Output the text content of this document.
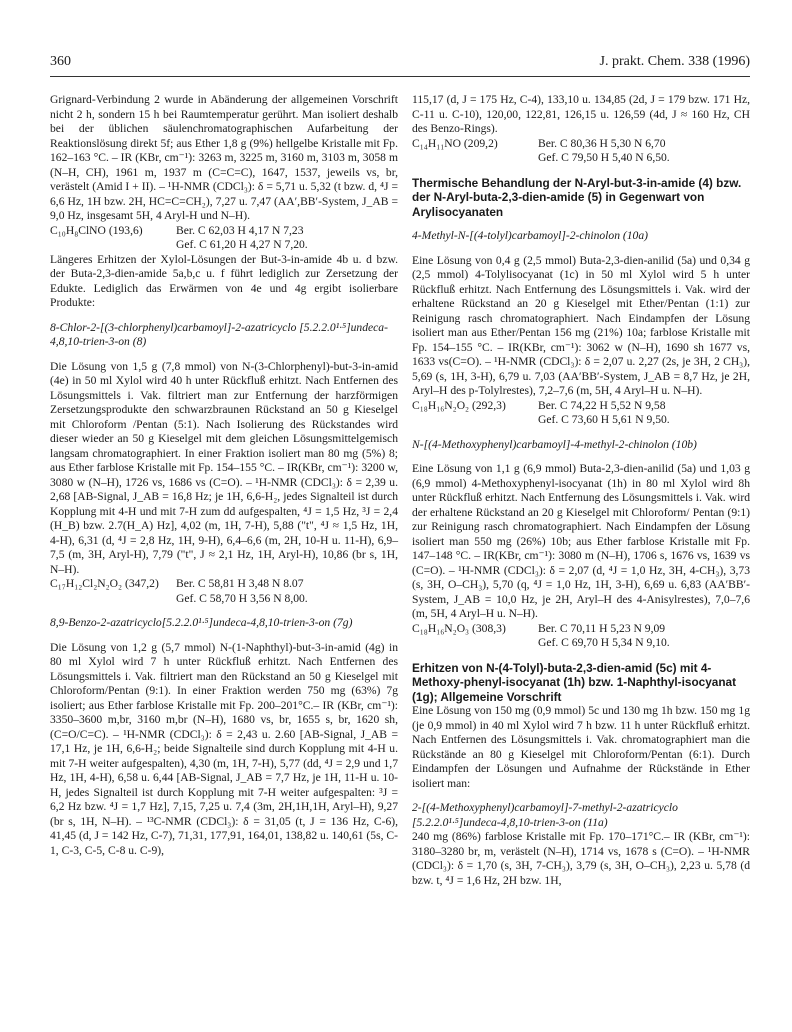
360	J. prakt. Chem. 338 (1996)

Grignard-Verbindung 2 wurde in Abänderung der allgemeinen Vorschrift nicht 2 h, sondern 15 h bei Raumtemperatur gerührt. Man isoliert deshalb bei der üblichen säulenchromatographischen Aufarbeitung der Reaktionslösung direkt 5f; aus Ether 1,8 g (9%) hellgelbe Kristalle mit Fp. 162–163 °C. – IR (KBr, cm⁻¹): 3263 m, 3225 m, 3160 m, 3103 m, 3058 m (N–H, CH), 1961 m, 1937 m (C=C=C), 1647, 1537, jeweils vs, br, verästelt (Amid I + II). – ¹H-NMR (CDCl₃): δ = 5,71 u. 5,32 (t bzw. d, ⁴J = 6,6 Hz, 1H bzw. 2H, HC=C=CH₂), 7,27 u. 7,47 (AA′,BB′-System, J_AB = 9,0 Hz, insgesamt 5H, 4 Aryl-H und N–H).

C₁₀H₈ClNO (193,6)	Ber. C 62,03 H 4,17 N 7,23
Gef. C 61,20 H 4,27 N 7,20.

Längeres Erhitzen der Xylol-Lösungen der But-3-in-amide 4b u. d bzw. der Buta-2,3-dien-amide 5a,b,c u. f führt lediglich zur Zersetzung der Edukte. Lediglich das Erwärmen von 4e und 4g ergibt isolierbare Produkte:

8-Chlor-2-[(3-chlorphenyl)carbamoyl]-2-azatricyclo [5.2.2.0¹·⁵]undeca-4,8,10-trien-3-on (8)

Die Lösung von 1,5 g (7,8 mmol) von N-(3-Chlorphenyl)-but-3-in-amid (4e) in 50 ml Xylol wird 40 h unter Rückfluß erhitzt. Nach Entfernen des Lösungsmittels i. Vak. filtriert man zur Entfernung der harzförmigen Zersetzungsprodukte den schwarzbraunen Rückstand an 50 g Kieselgel mit Chloroform /Pentan (5:1). Nach Isolierung des Rückstandes wird dieser wieder an 50 g Kieselgel mit dem gleichen Lösungsmittelgemisch langsam chromatographiert. In einer Fraktion isoliert man 80 mg (5%) 8; aus Ether farblose Kristalle mit Fp. 154–155 °C. – IR(KBr, cm⁻¹): 3200 w, 3080 w (N–H), 1726 vs, 1686 vs (C=O). – ¹H-NMR (CDCl₃): δ = 2,39 u. 2,68 [AB-Signal, J_AB = 16,8 Hz; je 1H, 6,6-H₂, jedes Signalteil ist durch Kopplung mit 4-H und mit 7-H zum dd aufgespalten, ⁴J = 1,5 Hz, ³J = 2,4 (H_B) bzw. 2.7(H_A) Hz], 4,02 (m, 1H, 7-H), 5,88 ("t", ⁴J ≈ 1,5 Hz, 1H, 4-H), 6,31 (d, ⁴J = 2,8 Hz, 1H, 9-H), 6,4–6,6 (m, 2H, 10-H u. 11-H), 6,9–7,5 (m, 3H, Aryl-H), 7,79 ("t", J ≈ 2,1 Hz, 1H, Aryl-H), 10,86 (br s, 1H, N–H).

C₁₇H₁₂Cl₂N₂O₂ (347,2)	Ber. C 58,81 H 3,48 N 8.07
Gef. C 58,70 H 3,56 N 8,00.

8,9-Benzo-2-azatricyclo[5.2.2.0¹·⁵]undeca-4,8,10-trien-3-on (7g)

Die Lösung von 1,2 g (5,7 mmol) N-(1-Naphthyl)-but-3-in-amid (4g) in 80 ml Xylol wird 7 h unter Rückfluß erhitzt. Nach Entfernen des Lösungsmittels i. Vak. filtriert man den Rückstand an 50 g Kieselgel mit Chloroform/Pentan (9:1). In einer Fraktion werden 750 mg (63%) 7g isoliert; aus Ether farblose Kristalle mit Fp. 200–201°C.– IR (KBr, cm⁻¹): 3350–3600 m,br, 3160 m,br (N–H), 1680 vs, br, 1655 s, br, 1620 sh, (C=O/C=C). – ¹H-NMR (CDCl₃): δ = 2,43 u. 2.60 [AB-Signal, J_AB = 17,1 Hz, je 1H, 6,6-H₂; beide Signalteile sind durch Kopplung mit 4-H u. mit 7-H weiter aufgespalten), 4,30 (m, 1H, 7-H), 5,77 (dd, ⁴J = 2,9 und 1,7 Hz, 1H, 4-H), 6,58 u. 6,44 [AB-Signal, J_AB = 7,7 Hz, je 1H, 11-H u. 10-H, jedes Signalteil ist durch Kopplung mit 7-H weiter aufgespalten: ³J = 6,2 Hz bzw. ⁴J = 1,7 Hz], 7,15, 7,25 u. 7,4 (3m, 2H,1H,1H, Aryl–H), 9,27 (br s, 1H, N–H). – ¹³C-NMR (CDCl₃): δ = 31,05 (t, J = 136 Hz, C-6), 41,45 (d, J = 142 Hz, C-7), 71,31, 177,91, 164,01, 138,82 u. 140,61 (5s, C-1, C-3, C-5, C-8 u. C-9),

115,17 (d, J = 175 Hz, C-4), 133,10 u. 134,85 (2d, J = 179 bzw. 171 Hz, C-11 u. C-10), 120,00, 122,81, 126,15 u. 126,59 (4d, J ≈ 160 Hz, CH des Benzo-Rings).

C₁₄H₁₁NO (209,2)	Ber. C 80,36 H 5,30 N 6,70
Gef. C 79,50 H 5,40 N 6,50.

Thermische Behandlung der N-Aryl-but-3-in-amide (4) bzw. der N-Aryl-buta-2,3-dien-amide (5) in Gegenwart von Arylisocyanaten

4-Methyl-N-[(4-tolyl)carbamoyl]-2-chinolon (10a)

Eine Lösung von 0,4 g (2,5 mmol) Buta-2,3-dien-anilid (5a) und 0,34 g (2,5 mmol) 4-Tolylisocyanat (1c) in 50 ml Xylol wird 5 h unter Rückfluß erhitzt. Nach Entfernung des Lösungsmittels i. Vak. wird der erhaltene Rückstand an 20 g Kieselgel mit Ether/Pentan (1:1) zur Reinigung rasch chromatographiert. Nach Eindampfen der Lösung isoliert man aus Ether/Pentan 156 mg (21%) 10a; farblose Kristalle mit Fp. 154–155 °C. – IR(KBr, cm⁻¹): 3062 w (N–H), 1690 sh 1677 vs, 1633 vs(C=O). – ¹H-NMR (CDCl₃): δ = 2,07 u. 2,27 (2s, je 3H, 2 CH₃), 5,69 (s, 1H, 3-H), 6,79 u. 7,03 (AA′BB′-System, J_AB = 8,7 Hz, je 2H, Aryl–H des p-Tolylrestes), 7,2–7,6 (m, 5H, 4 Aryl–H u. N–H).

C₁₈H₁₆N₂O₂ (292,3)	Ber. C 74,22 H 5,52 N 9,58
Gef. C 73,60 H 5,61 N 9,50.

N-[(4-Methoxyphenyl)carbamoyl]-4-methyl-2-chinolon (10b)

Eine Lösung von 1,1 g (6,9 mmol) Buta-2,3-dien-anilid (5a) und 1,03 g (6,9 mmol) 4-Methoxyphenyl-isocyanat (1h) in 80 ml Xylol wird 8h unter Rückfluß erhitzt. Nach Entfernung des Lösungsmittels i. Vak. wird der erhaltene Rückstand an 20 g Kieselgel mit Chloroform/ Pentan (9:1) zur Reinigung rasch chromatographiert. Nach Eindampfen der Lösung isoliert man 550 mg (26%) 10b; aus Ether farblose Kristalle mit Fp. 147–148 °C. – IR(KBr, cm⁻¹): 3080 m (N–H), 1706 s, 1676 vs, 1639 vs (C=O). – ¹H-NMR (CDCl₃): δ = 2,07 (d, ⁴J = 1,0 Hz, 3H, 4-CH₃), 3,73 (s, 3H, O–CH₃), 5,70 (q, ⁴J = 1,0 Hz, 1H, 3-H), 6,69 u. 6,83 (AA′BB′-System, J_AB = 10,0 Hz, je 2H, Aryl–H des 4-Anisylrestes), 7,0–7,6 (m, 5H, 4 Aryl–H u. N–H).

C₁₈H₁₆N₂O₃ (308,3)	Ber. C 70,11 H 5,23 N 9,09
Gef. C 69,70 H 5,34 N 9,10.

Erhitzen von N-(4-Tolyl)-buta-2,3-dien-amid (5c) mit 4-Methoxy-phenyl-isocyanat (1h) bzw. 1-Naphthyl-isocyanat (1g); Allgemeine Vorschrift

Eine Lösung von 150 mg (0,9 mmol) 5c und 130 mg 1h bzw. 150 mg 1g (je 0,9 mmol) in 40 ml Xylol wird 7 h bzw. 11 h unter Rückfluß erhitzt. Nach Entfernen des Lösungsmittels i. Vak. chromatographiert man die Rückstände an 80 g Kieselgel mit Chloroform/Pentan (6:1). Durch Eindampfen der Lösungen und Aufnahme der Rückstände in Ether isoliert man:

2-[(4-Methoxyphenyl)carbamoyl]-7-methyl-2-azatricyclo [5.2.2.0¹·⁵]undeca-4,8,10-trien-3-on (11a)

240 mg (86%) farblose Kristalle mit Fp. 170–171°C.– IR (KBr, cm⁻¹): 3180–3280 br, m, verästelt (N–H), 1714 vs, 1678 s (C=O). – ¹H-NMR (CDCl₃): δ = 1,70 (s, 3H, 7-CH₃), 3,79 (s, 3H, O–CH₃), 2,23 u. 5,78 (d bzw. t, ⁴J = 1,6 Hz, 2H bzw. 1H,
